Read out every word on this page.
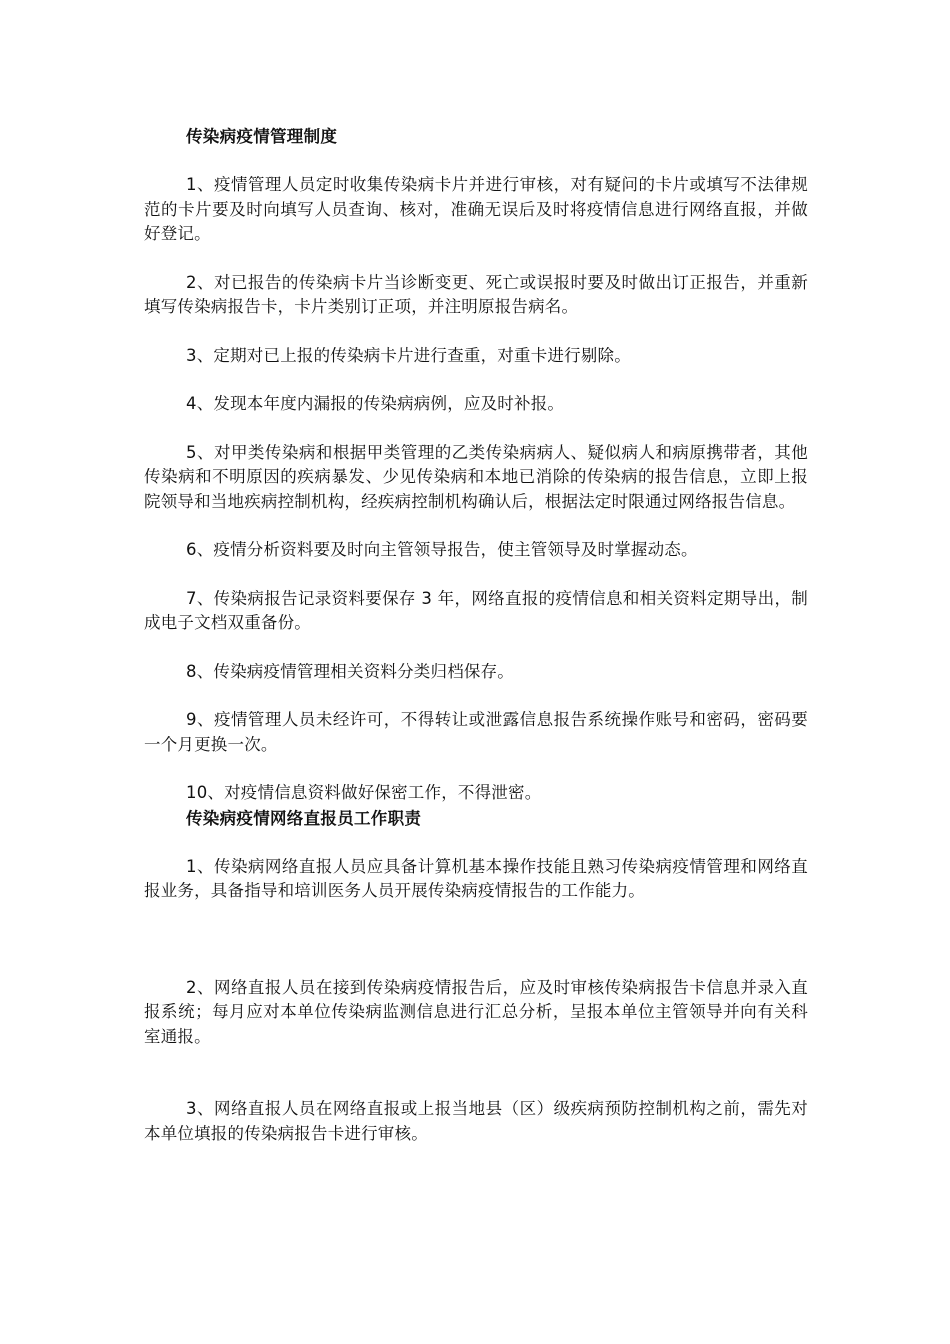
传染病疫情管理制度

1、疫情管理人员定时收集传染病卡片并进行审核，对有疑问的卡片或填写不法律规范的卡片要及时向填写人员查询、核对，准确无误后及时将疫情信息进行网络直报，并做好登记。

2、对已报告的传染病卡片当诊断变更、死亡或误报时要及时做出订正报告，并重新填写传染病报告卡，卡片类别订正项，并注明原报告病名。

3、定期对已上报的传染病卡片进行查重，对重卡进行剔除。

4、发现本年度内漏报的传染病病例，应及时补报。

5、对甲类传染病和根据甲类管理的乙类传染病病人、疑似病人和病原携带者，其他传染病和不明原因的疾病暴发、少见传染病和本地已消除的传染病的报告信息，立即上报院领导和当地疾病控制机构，经疾病控制机构确认后，根据法定时限通过网络报告信息。

6、疫情分析资料要及时向主管领导报告，使主管领导及时掌握动态。

7、传染病报告记录资料要保存 3 年，网络直报的疫情信息和相关资料定期导出，制成电子文档双重备份。

8、传染病疫情管理相关资料分类归档保存。

9、疫情管理人员未经许可，不得转让或泄露信息报告系统操作账号和密码，密码要一个月更换一次。

10、对疫情信息资料做好保密工作，不得泄密。

传染病疫情网络直报员工作职责

1、传染病网络直报人员应具备计算机基本操作技能且熟习传染病疫情管理和网络直报业务，具备指导和培训医务人员开展传染病疫情报告的工作能力。

2、网络直报人员在接到传染病疫情报告后，应及时审核传染病报告卡信息并录入直报系统；每月应对本单位传染病监测信息进行汇总分析，呈报本单位主管领导并向有关科室通报。

3、网络直报人员在网络直报或上报当地县（区）级疾病预防控制机构之前，需先对本单位填报的传染病报告卡进行审核。
